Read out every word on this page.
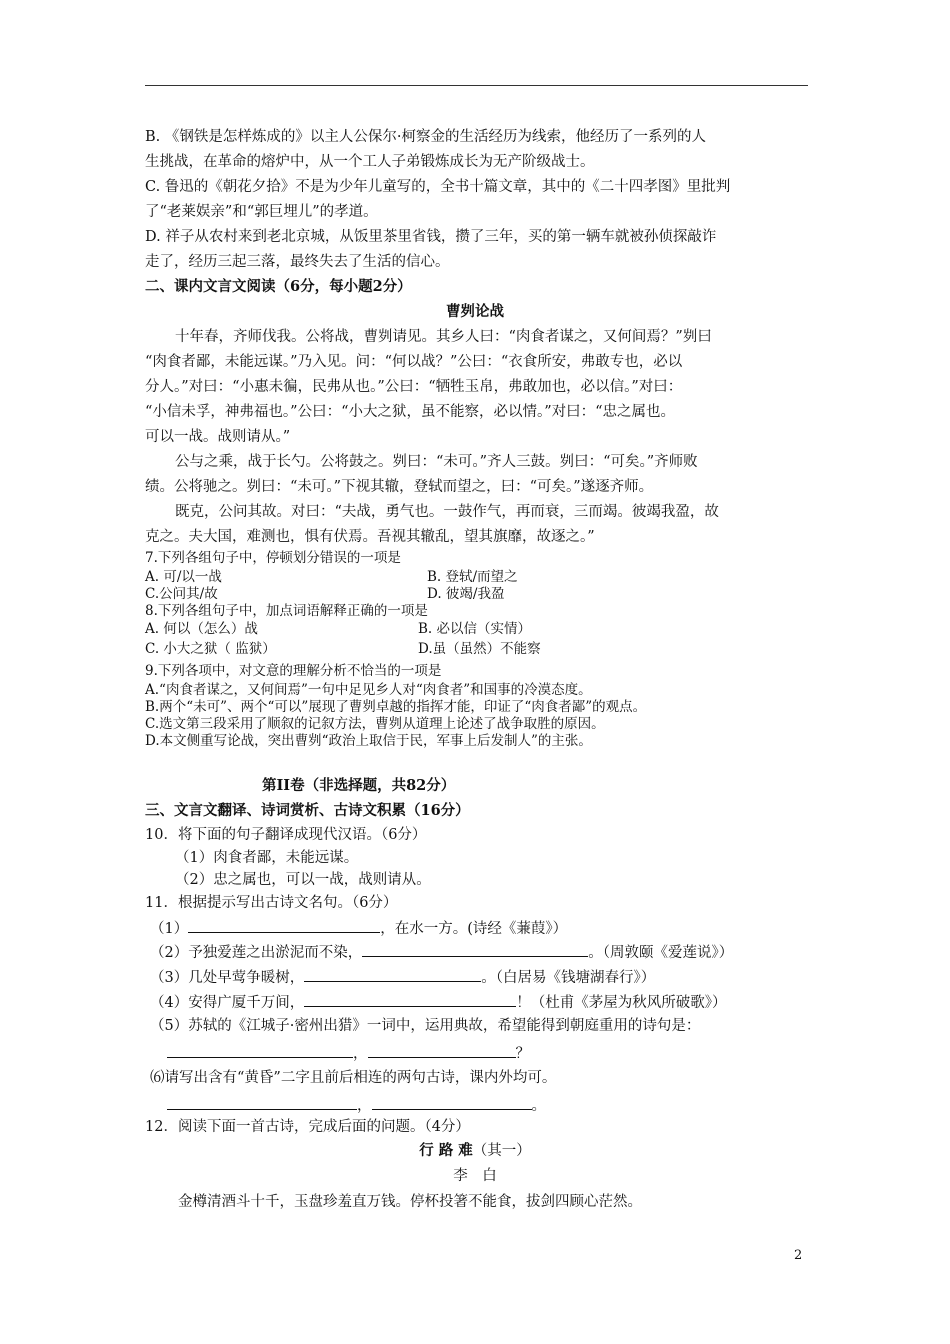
B. 《钢铁是怎样炼成的》以主人公保尔·柯察金的生活经历为线索，他经历了一系列的人
生挑战，在革命的熔炉中，从一个工人子弟锻炼成长为无产阶级战士。
C. 鲁迅的《朝花夕拾》不是为少年儿童写的，全书十篇文章，其中的《二十四孝图》里批判
了“老莱娱亲”和“郭巨埋儿”的孝道。
D. 祥子从农村来到老北京城，从饭里茶里省钱，攒了三年，买的第一辆车就被孙侦探敲诈
走了，经历三起三落，最终失去了生活的信心。
二、课内文言文阅读（6分，每小题2分）
曹刿论战
十年春，齐师伐我。公将战，曹刿请见。其乡人曰：“肉食者谋之，又何间焉？”刿曰
“肉食者鄙，未能远谋。”乃入见。问：“何以战？”公曰：“衣食所安，弗敢专也，必以
分人。”对曰：“小惠未徧，民弗从也。”公曰：“牺牲玉帛，弗敢加也，必以信。”对曰：
“小信未孚，神弗福也。”公曰：“小大之狱，虽不能察，必以情。”对曰：“忠之属也。
可以一战。战则请从。”
公与之乘，战于长勺。公将鼓之。刿曰：“未可。”齐人三鼓。刿曰：“可矣。”齐师败
绩。公将驰之。刿曰：“未可。”下视其辙，登轼而望之，曰：“可矣。”遂逐齐师。
既克，公问其故。对曰：“夫战，勇气也。一鼓作气，再而衰，三而竭。彼竭我盈，故
克之。夫大国，难测也，惧有伏焉。吾视其辙乱，望其旗靡，故逐之。”
7.下列各组句子中，停顿划分错误的一项是
A. 可/以一战	B. 登轼/而望之
C.公问其/故	D. 彼竭/我盈
8.下列各组句子中，加点词语解释正确的一项是
A. 何以（怎么）战	B. 必以信（实情）
C. 小大之狱（ 监狱）	D.虽（虽然）不能察
9.下列各项中，对文意的理解分析不恰当的一项是
A.“肉食者谋之，又何间焉”一句中足见乡人对“肉食者”和国事的冷漠态度。
B.两个“未可”、两个“可以”展现了曹刿卓越的指挥才能，印证了“肉食者鄙”的观点。
C.选文第三段采用了顺叙的记叙方法，曹刿从道理上论述了战争取胜的原因。
D.本文侧重写论战，突出曹刿“政治上取信于民，军事上后发制人”的主张。
第II卷（非选择题，共82分）
三、文言文翻译、诗词赏析、古诗文积累（16分）
10．将下面的句子翻译成现代汉语。（6分）
（1）肉食者鄙，未能远谋。
（2）忠之属也，可以一战，战则请从。
11．根据提示写出古诗文名句。（6分）
（1）	，在水一方。(诗经《蒹葭》）
（2）予独爱莲之出淤泥而不染，	。（周敦颐《爱莲说》）
（3）几处早莺争暖树，	。（白居易《钱塘湖春行》）
（4）安得广厦千万间，	！（杜甫《茅屋为秋风所破歌》）
（5）苏轼的《江城子·密州出猎》一词中，运用典故，希望能得到朝庭重用的诗句是：
，	？
⑹请写出含有“黄昏”二字且前后相连的两句古诗，课内外均可。
，	。
12．阅读下面一首古诗，完成后面的问题。（4分）
行 路 难（其一）
李　白
金樽清酒斗十千，玉盘珍羞直万钱。停杯投箸不能食，拔剑四顾心茫然。
2
